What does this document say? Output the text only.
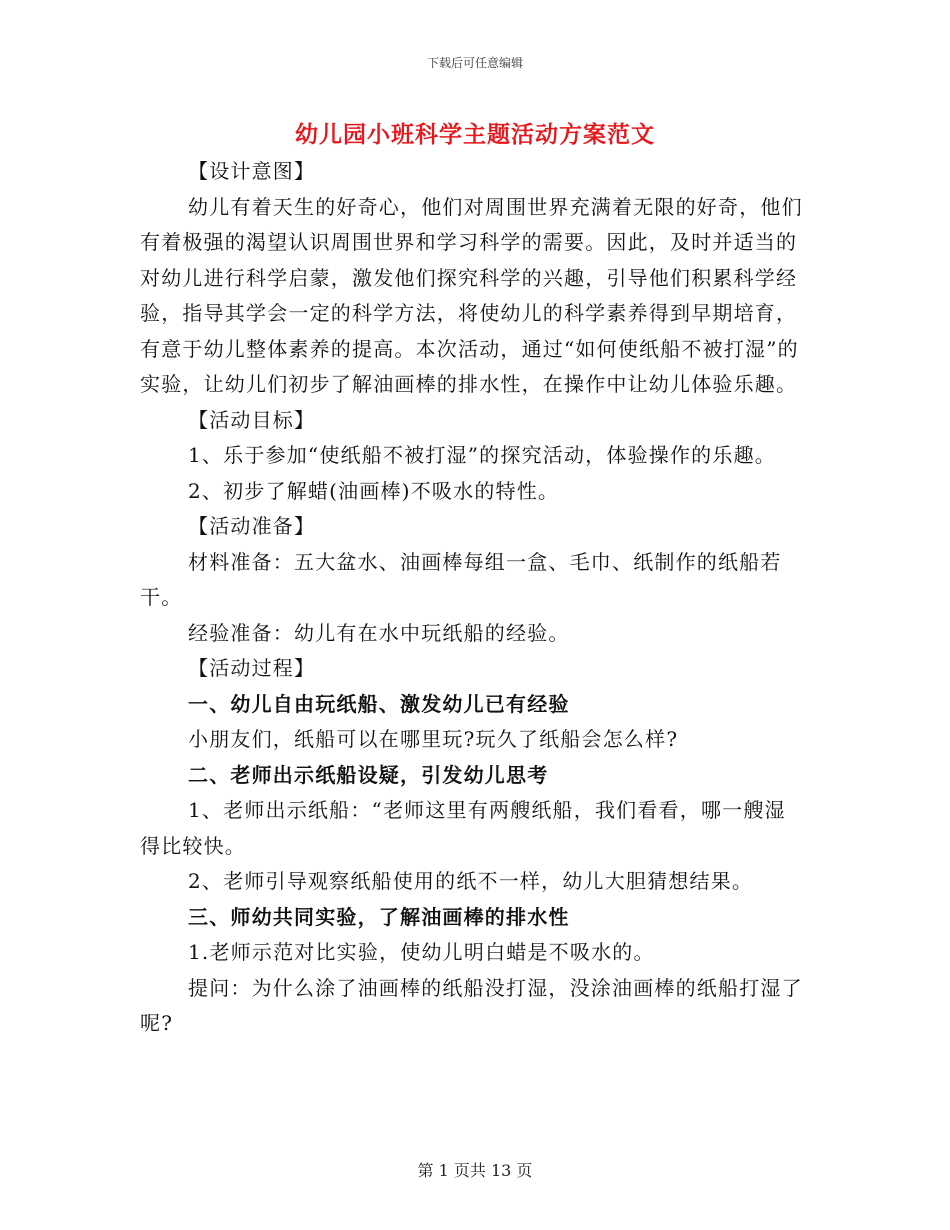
下载后可任意编辑
幼儿园小班科学主题活动方案范文

【设计意图】

幼儿有着天生的好奇心，他们对周围世界充满着无限的好奇，他们有着极强的渴望认识周围世界和学习科学的需要。因此，及时并适当的对幼儿进行科学启蒙，激发他们探究科学的兴趣，引导他们积累科学经验，指导其学会一定的科学方法，将使幼儿的科学素养得到早期培育，有意于幼儿整体素养的提高。本次活动，通过“如何使纸船不被打湿”的实验，让幼儿们初步了解油画棒的排水性，在操作中让幼儿体验乐趣。

【活动目标】

1、乐于参加“使纸船不被打湿”的探究活动，体验操作的乐趣。

2、初步了解蜡(油画棒)不吸水的特性。

【活动准备】

材料准备：五大盆水、油画棒每组一盒、毛巾、纸制作的纸船若干。

经验准备：幼儿有在水中玩纸船的经验。

【活动过程】

一、幼儿自由玩纸船、激发幼儿已有经验

小朋友们，纸船可以在哪里玩?玩久了纸船会怎么样?

二、老师出示纸船设疑，引发幼儿思考

1、老师出示纸船：“老师这里有两艘纸船，我们看看，哪一艘湿得比较快。

2、老师引导观察纸船使用的纸不一样，幼儿大胆猜想结果。

三、师幼共同实验，了解油画棒的排水性

1.老师示范对比实验，使幼儿明白蜡是不吸水的。

提问：为什么涂了油画棒的纸船没打湿，没涂油画棒的纸船打湿了呢?

第 1 页共 13 页
